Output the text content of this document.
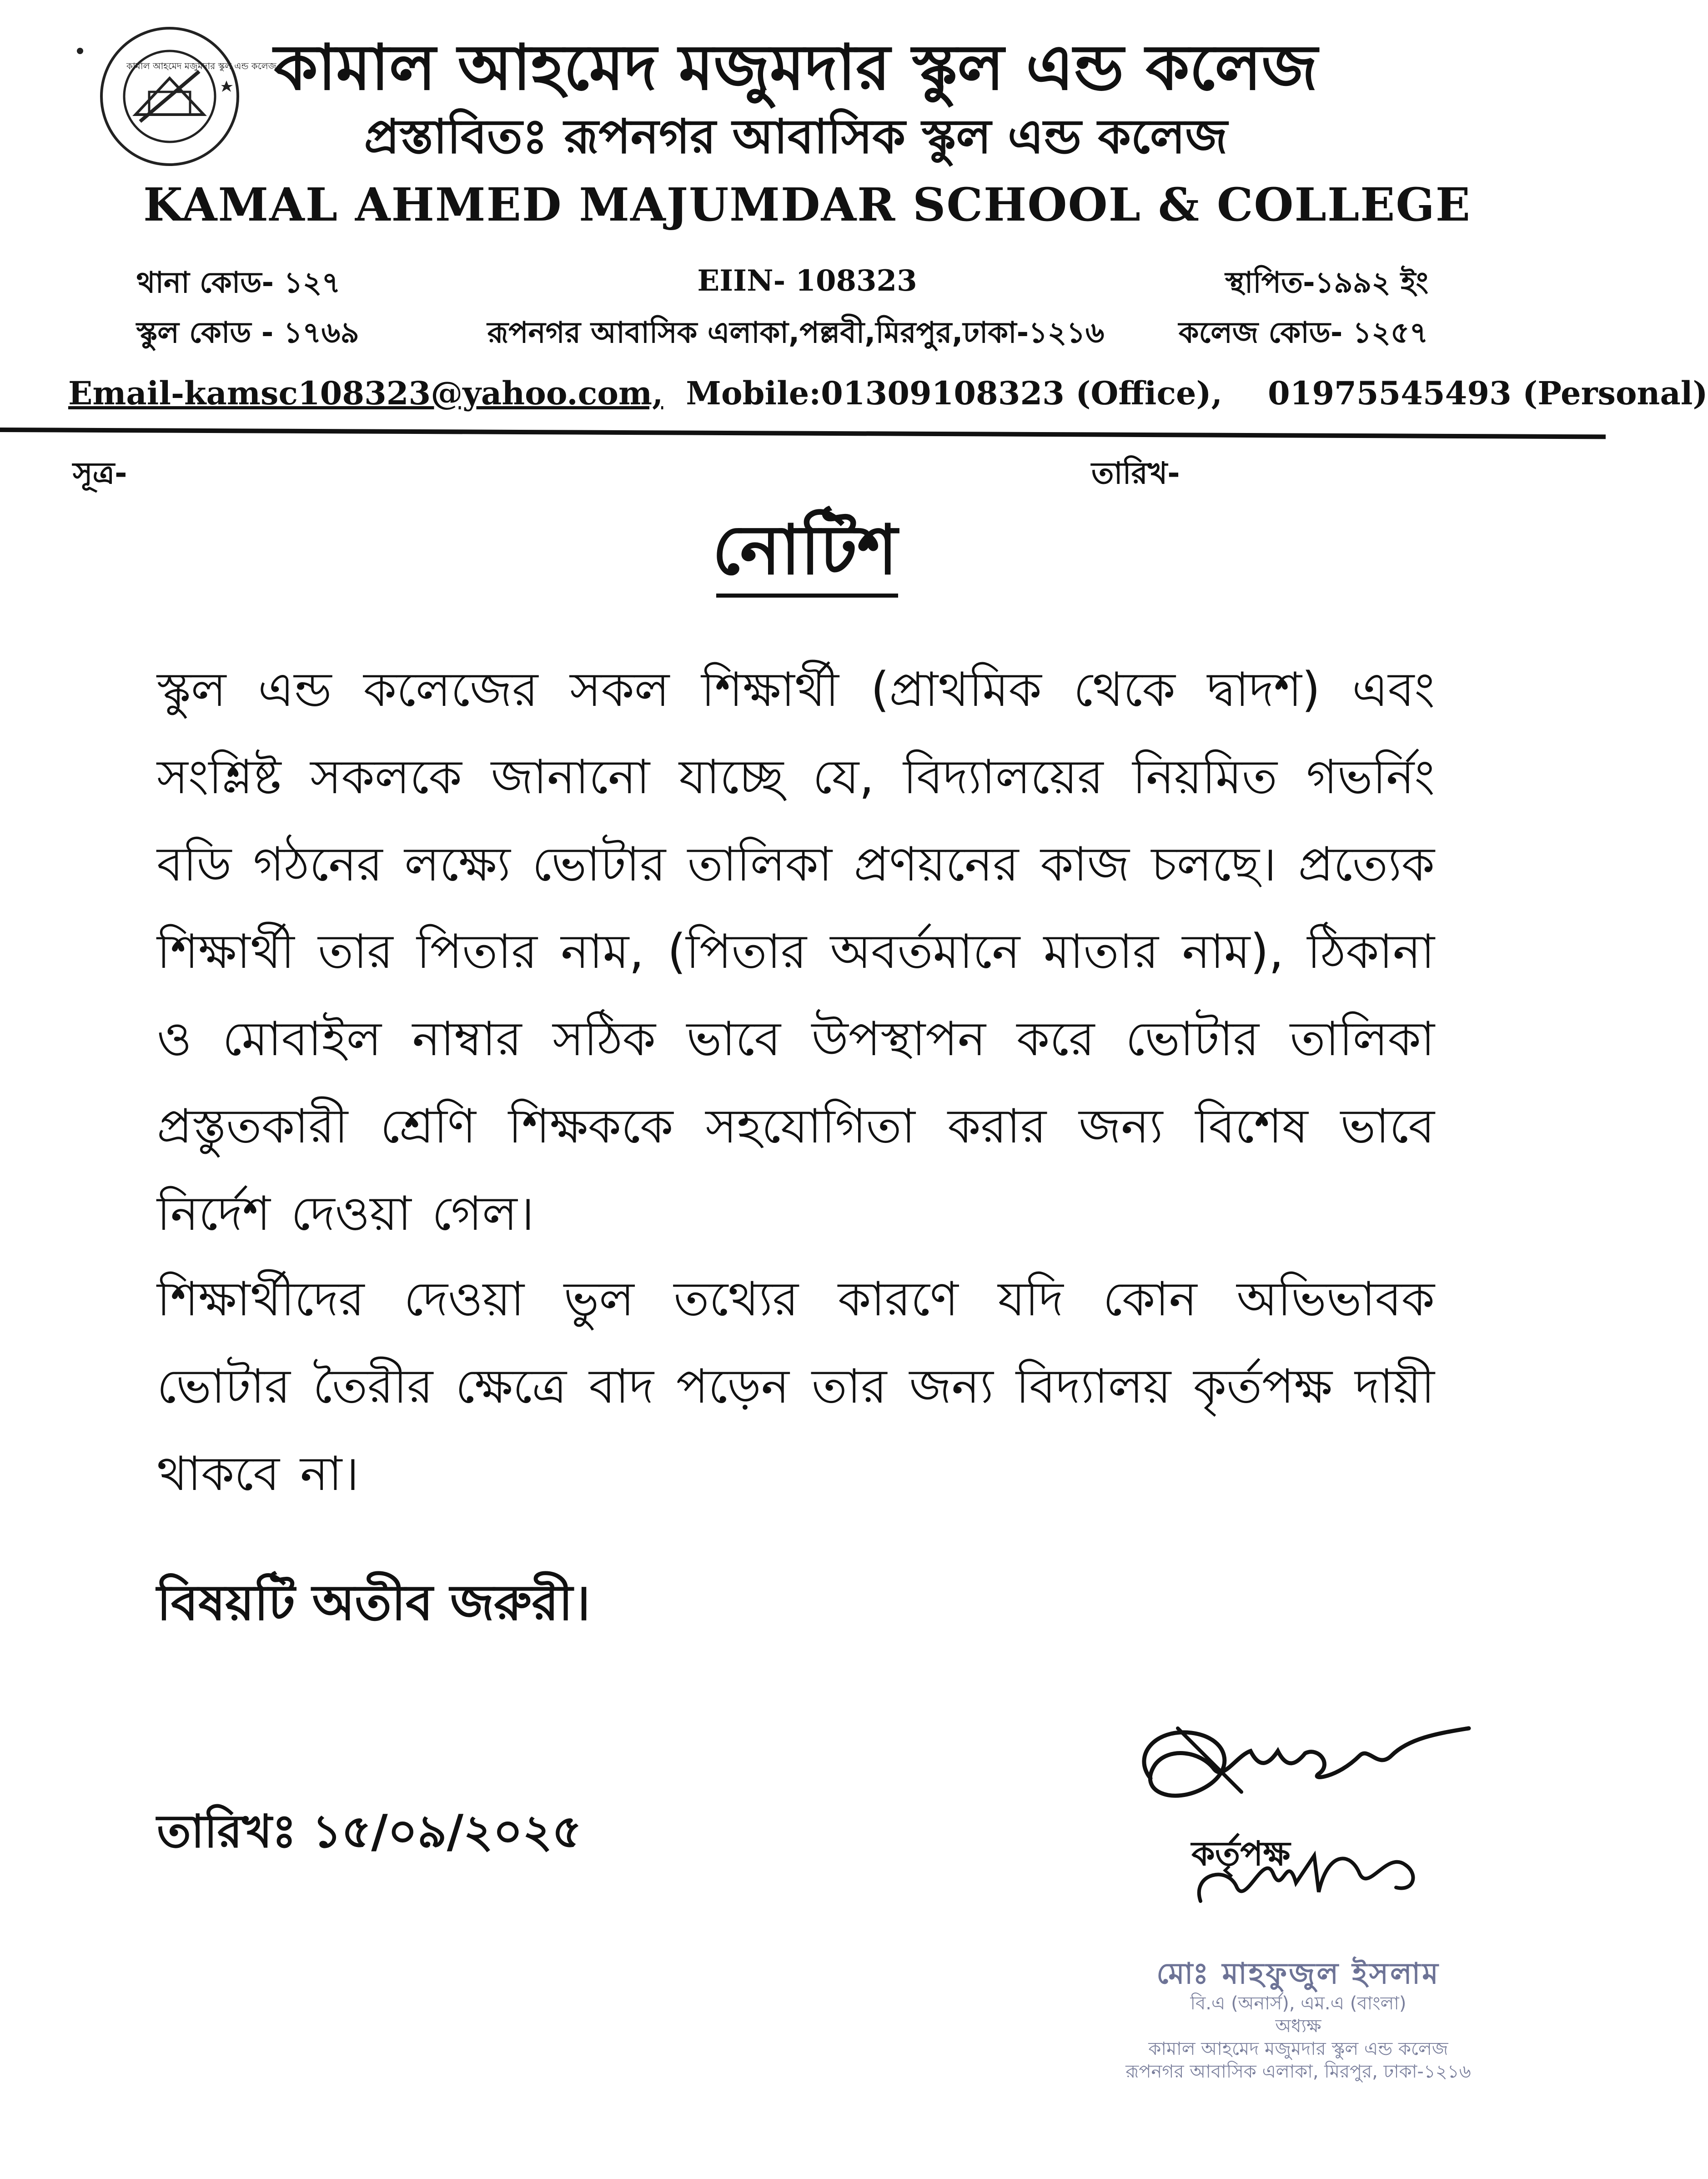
কামাল আহমেদ মজুমদার স্কুল এন্ড কলেজ
কামাল আহমেদ মজুমদার স্কুল এন্ড কলেজ
প্রস্তাবিতঃ রূপনগর আবাসিক স্কুল এন্ড কলেজ
KAMAL AHMED MAJUMDAR SCHOOL & COLLEGE
থানা কোড- ১২৭	EIIN- 108323	স্থাপিত-১৯৯২ ইং
স্কুল কোড - ১৭৬৯	রূপনগর আবাসিক এলাকা,পল্লবী,মিরপুর,ঢাকা-১২১৬	কলেজ কোড- ১২৫৭
Email-kamsc108323@yahoo.com, Mobile:01309108323 (Office), 01975545493 (Personal)
সূত্র-	তারিখ-
নোটিশ
স্কুল এন্ড কলেজের সকল শিক্ষার্থী (প্রাথমিক থেকে দ্বাদশ) এবং সংশ্লিষ্ট সকলকে জানানো যাচ্ছে যে, বিদ্যালয়ের নিয়মিত গভর্নিং বডি গঠনের লক্ষ্যে ভোটার তালিকা প্রণয়নের কাজ চলছে। প্রত্যেক শিক্ষার্থী তার পিতার নাম, (পিতার অবর্তমানে মাতার নাম), ঠিকানা ও মোবাইল নাম্বার সঠিক ভাবে উপস্থাপন করে ভোটার তালিকা প্রস্তুতকারী শ্রেণি শিক্ষককে সহযোগিতা করার জন্য বিশেষ ভাবে নির্দেশ দেওয়া গেল।
শিক্ষার্থীদের দেওয়া ভুল তথ্যের কারণে যদি কোন অভিভাবক ভোটার তৈরীর ক্ষেত্রে বাদ পড়েন তার জন্য বিদ্যালয় কৃর্তপক্ষ দায়ী থাকবে না।
বিষয়টি অতীব জরুরী।
তারিখঃ ১৫/০৯/২০২৫	কর্তৃপক্ষ
মোঃ মাহফুজুল ইসলাম
বি.এ (অনার্স), এম.এ (বাংলা)
অধ্যক্ষ
কামাল আহমেদ মজুমদার স্কুল এন্ড কলেজ
রূপনগর আবাসিক এলাকা, মিরপুর, ঢাকা-১২১৬
